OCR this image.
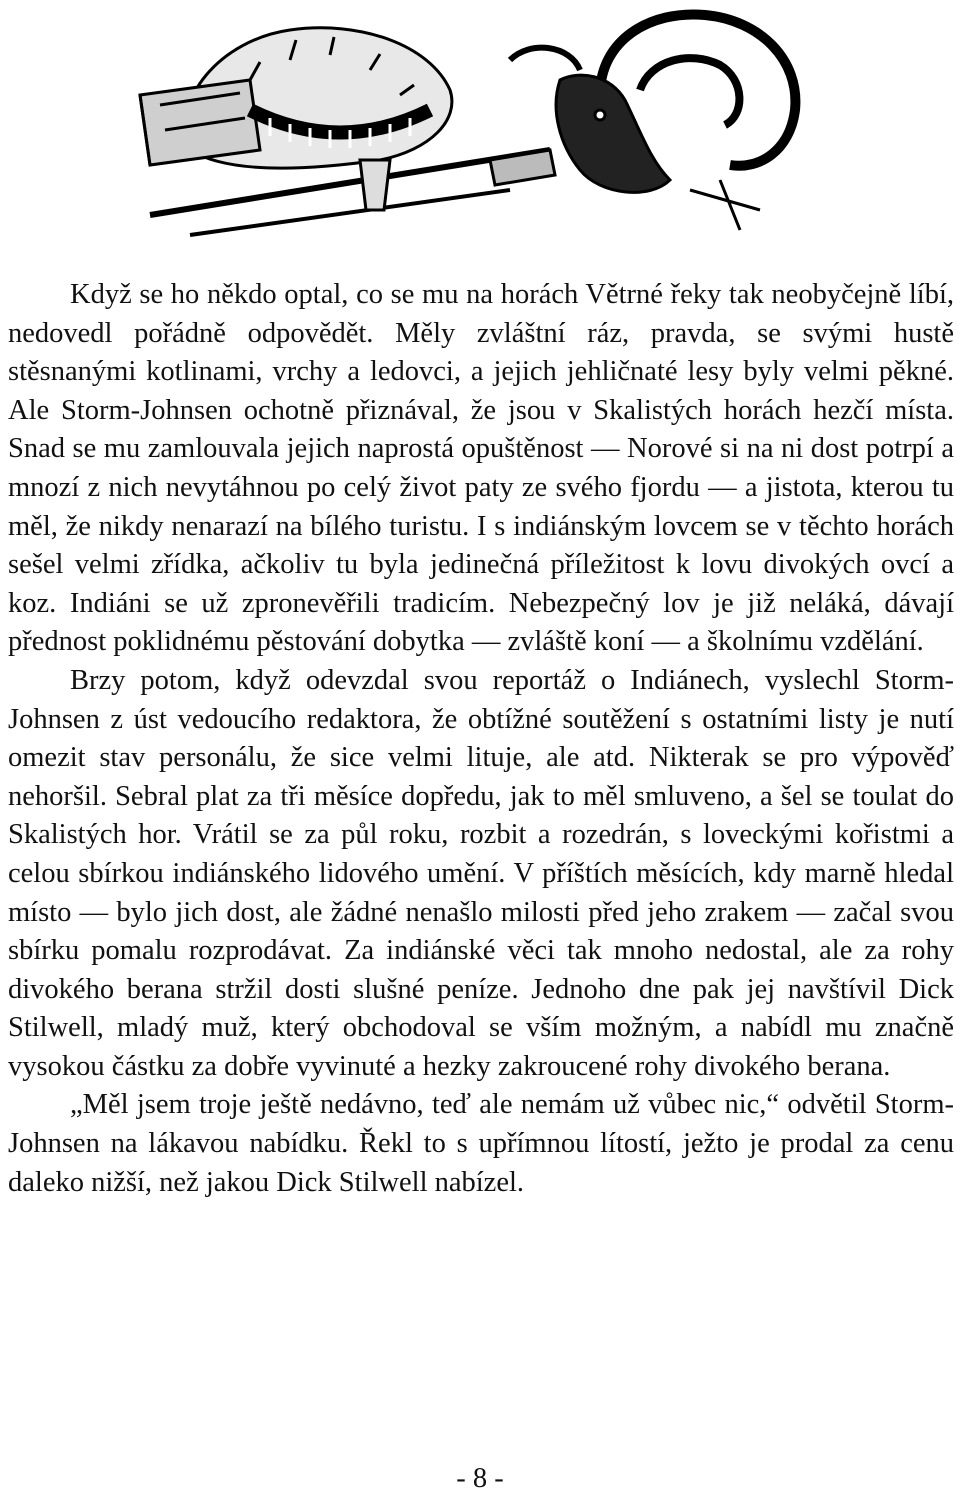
Když se ho někdo optal, co se mu na horách Větrné řeky tak neobyčejně líbí, nedovedl pořádně odpovědět. Měly zvláštní ráz, pravda, se svými hustě stěsnanými kotlinami, vrchy a ledovci, a jejich jehličnaté lesy byly velmi pěkné. Ale Storm-Johnsen ochotně přiznával, že jsou v Skalistých horách hezčí místa. Snad se mu zamlouvala jejich naprostá opuštěnost — Norové si na ni dost potrpí a mnozí z nich nevytáhnou po celý život paty ze svého fjordu — a jistota, kterou tu měl, že nikdy nenarazí na bílého turistu. I s indiánským lovcem se v těchto horách sešel velmi zřídka, ačkoliv tu byla jedinečná příležitost k lovu divokých ovcí a koz. Indiáni se už zpronevěřili tradicím. Nebezpečný lov je již neláká, dávají přednost poklidnému pěstování dobytka — zvláště koní — a školnímu vzdělání.

Brzy potom, když odevzdal svou reportáž o Indiánech, vyslechl Storm-Johnsen z úst vedoucího redaktora, že obtížné soutěžení s ostatními listy je nutí omezit stav personálu, že sice velmi lituje, ale atd. Nikterak se pro výpověď nehoršil. Sebral plat za tři měsíce dopředu, jak to měl smluveno, a šel se toulat do Skalistých hor. Vrátil se za půl roku, rozbit a rozedrán, s loveckými kořistmi a celou sbírkou indiánského lidového umění. V příštích měsících, kdy marně hledal místo — bylo jich dost, ale žádné nenašlo milosti před jeho zrakem — začal svou sbírku pomalu rozprodávat. Za indiánské věci tak mnoho nedostal, ale za rohy divokého berana stržil dosti slušné peníze. Jednoho dne pak jej navštívil Dick Stilwell, mladý muž, který obchodoval se vším možným, a nabídl mu značně vysokou částku za dobře vyvinuté a hezky zakroucené rohy divokého berana.

„Měl jsem troje ještě nedávno, teď ale nemám už vůbec nic,“ odvětil Storm-Johnsen na lákavou nabídku. Řekl to s upřímnou lítostí, ježto je prodal za cenu daleko nižší, než jakou Dick Stilwell nabízel.

- 8 -
